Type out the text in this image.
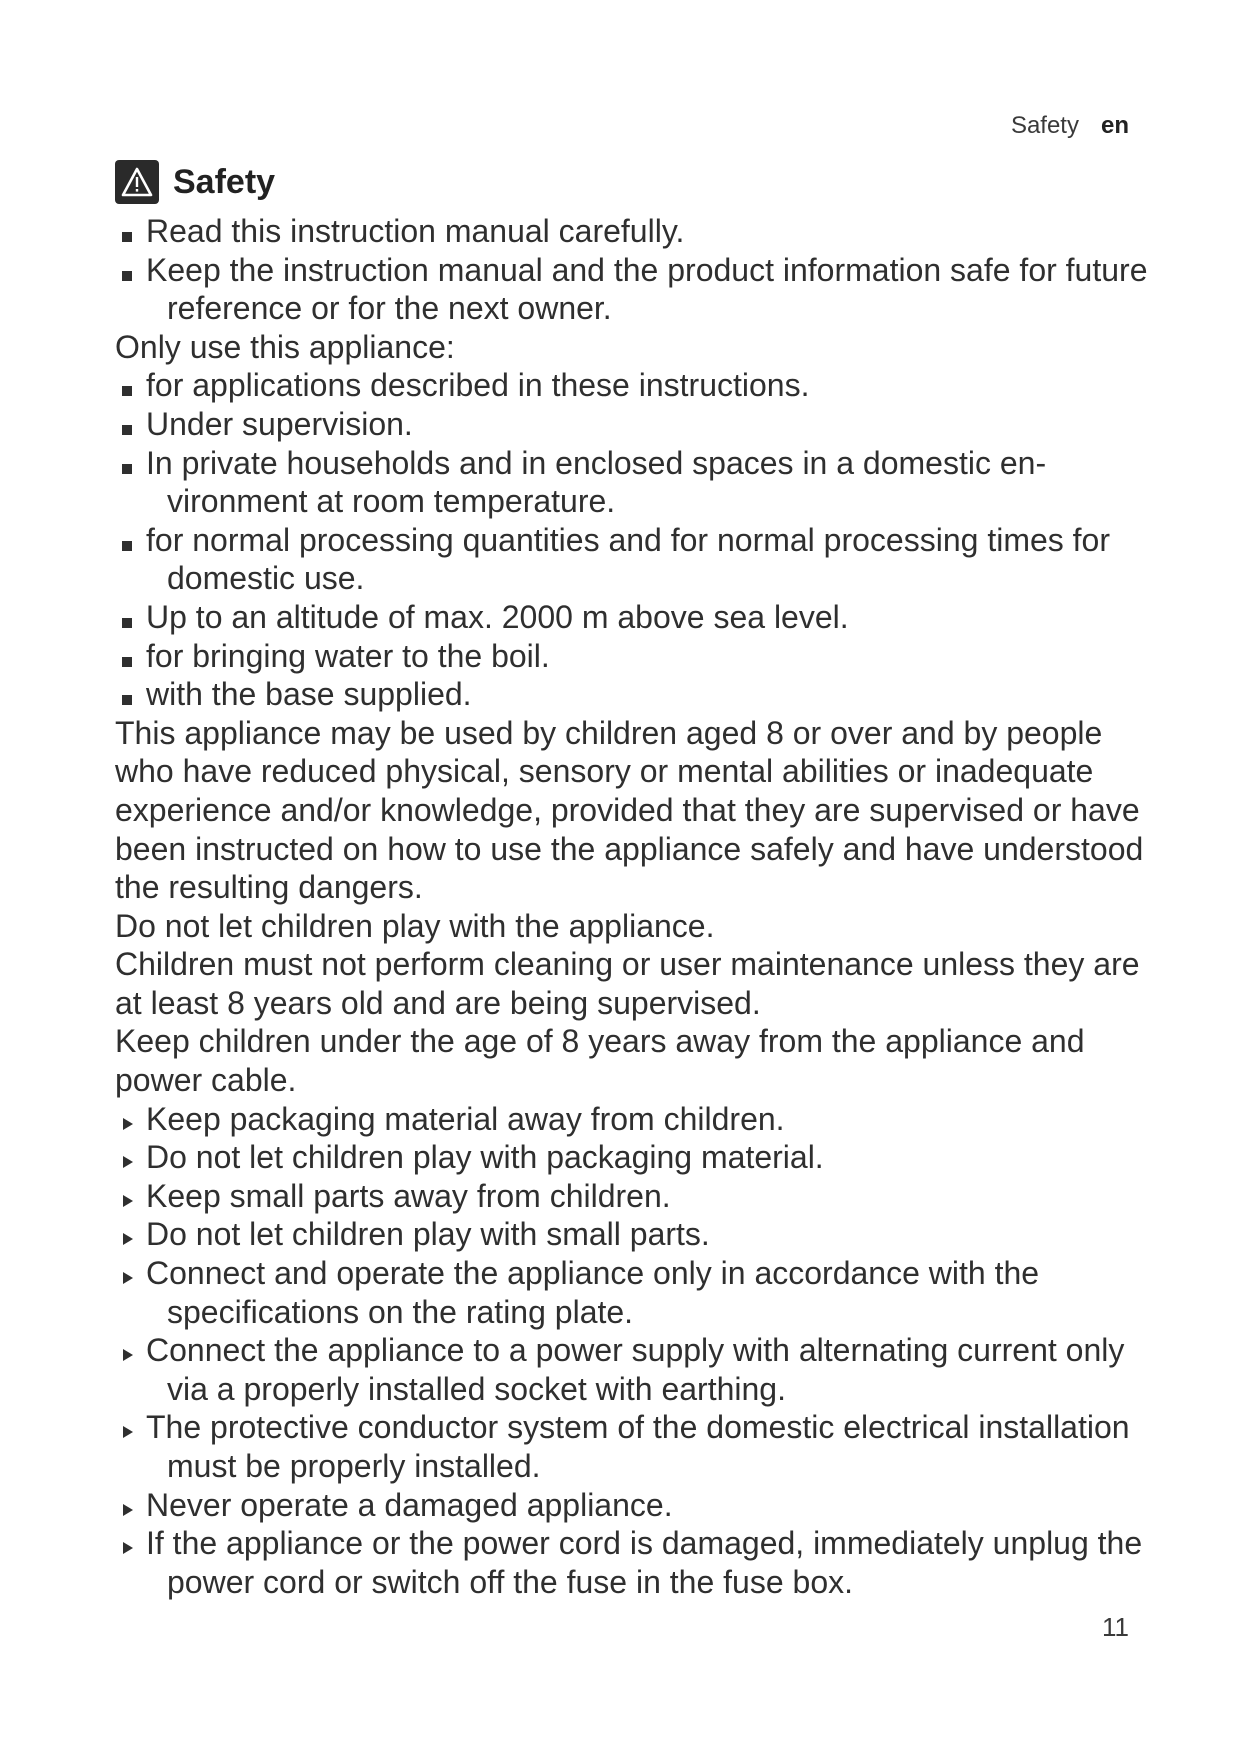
Safety en
Safety
Read this instruction manual carefully.
Keep the instruction manual and the product information safe for future reference or for the next owner.
Only use this appliance:
for applications described in these instructions.
Under supervision.
In private households and in enclosed spaces in a domestic environment at room temperature.
for normal processing quantities and for normal processing times for domestic use.
Up to an altitude of max. 2000 m above sea level.
for bringing water to the boil.
with the base supplied.
This appliance may be used by children aged 8 or over and by people who have reduced physical, sensory or mental abilities or inadequate experience and/or knowledge, provided that they are supervised or have been instructed on how to use the appliance safely and have understood the resulting dangers.
Do not let children play with the appliance.
Children must not perform cleaning or user maintenance unless they are at least 8 years old and are being supervised.
Keep children under the age of 8 years away from the appliance and power cable.
Keep packaging material away from children.
Do not let children play with packaging material.
Keep small parts away from children.
Do not let children play with small parts.
Connect and operate the appliance only in accordance with the specifications on the rating plate.
Connect the appliance to a power supply with alternating current only via a properly installed socket with earthing.
The protective conductor system of the domestic electrical installation must be properly installed.
Never operate a damaged appliance.
If the appliance or the power cord is damaged, immediately unplug the power cord or switch off the fuse in the fuse box.
11
